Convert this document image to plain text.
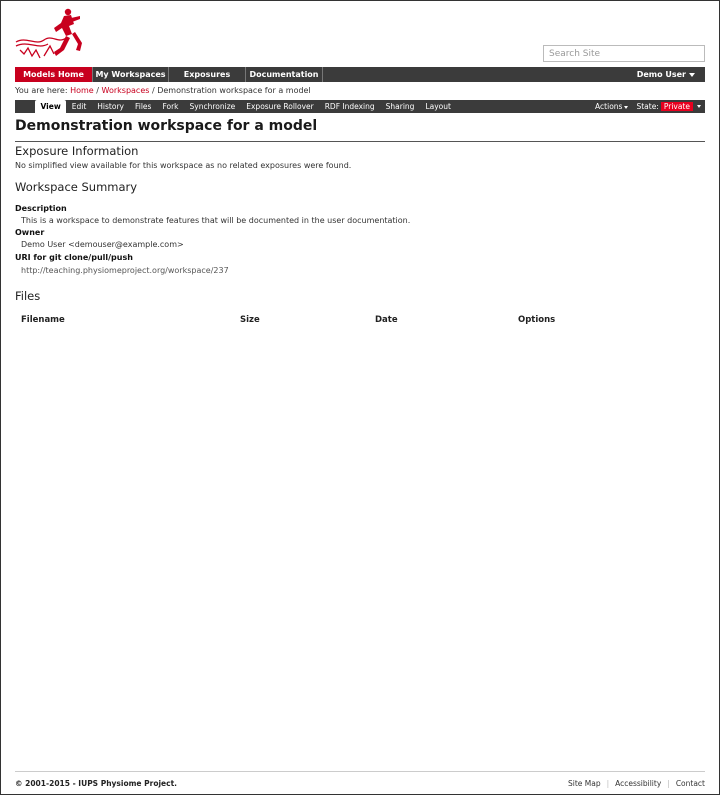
Search Site
Models Home	My Workspaces	Exposures	Documentation	Demo User
You are here: Home / Workspaces / Demonstration workspace for a model
View	Edit	History	Files	Fork	Synchronize	Exposure Rollover	RDF Indexing	Sharing	Layout	Actions	State: Private
Demonstration workspace for a model
Exposure Information
No simplified view available for this workspace as no related exposures were found.
Workspace Summary
Description
This is a workspace to demonstrate features that will be documented in the user documentation.
Owner
Demo User <demouser@example.com>
URI for git clone/pull/push
http://teaching.physiomeproject.org/workspace/237
Files
Filename	Size	Date	Options
© 2001-2015 - IUPS Physiome Project.	Site Map | Accessibility | Contact
